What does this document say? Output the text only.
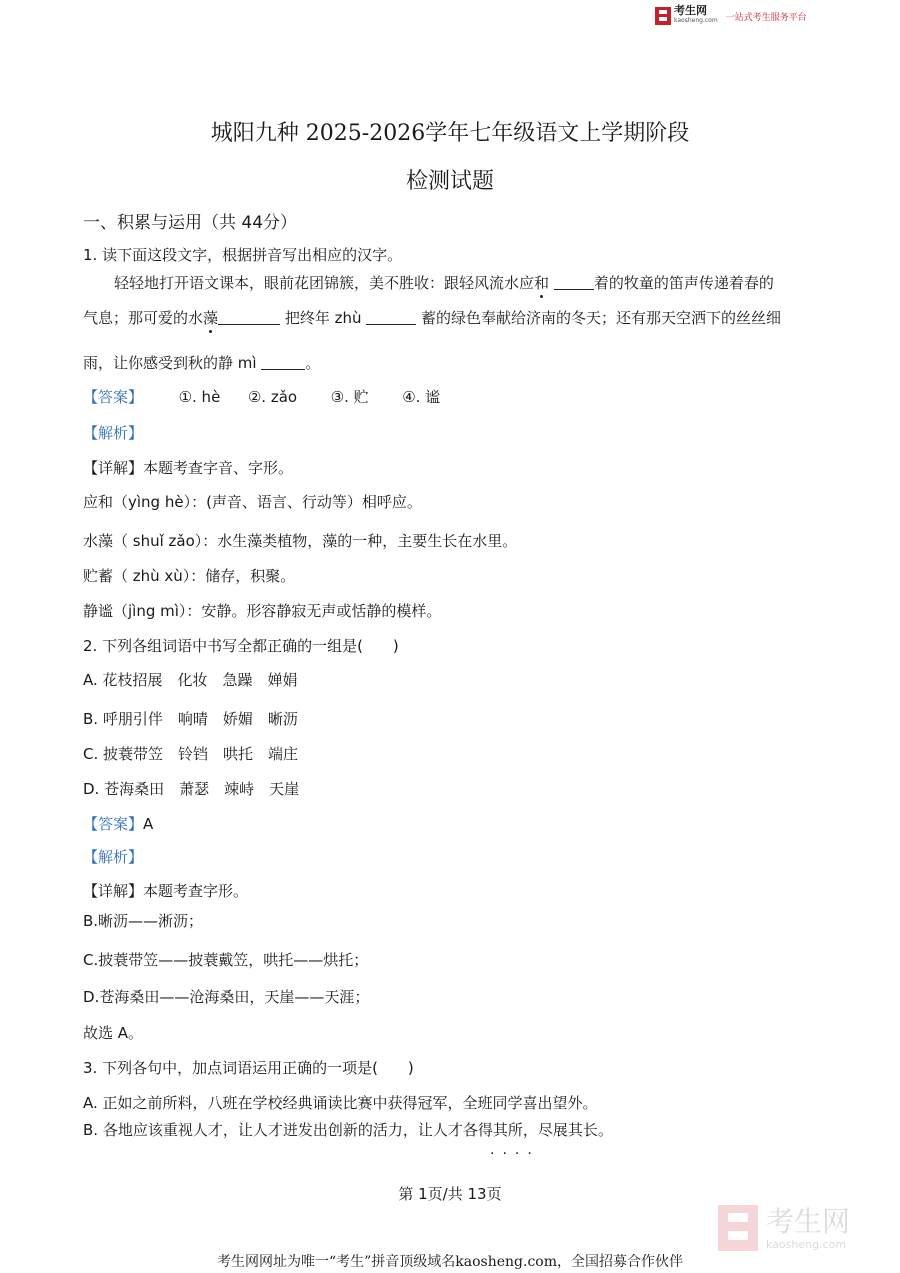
考生网
kaosheng.com 一站式考生服务平台
城阳九种 2025-2026学年七年级语文上学期阶段
检测试题
一、积累与运用（共 44分）
1. 读下面这段文字，根据拼音写出相应的汉字。
轻轻地打开语文课本，眼前花团锦簇，美不胜收：跟轻风流水应和	着的牧童的笛声传递着春的
气息；那可爱的水藻	把终年 zhù	蓄的绿色奉献给济南的冬天；还有那天空洒下的丝丝细
雨，让你感受到秋的静 mì	。
【答案】 ①. hè ②. zǎo ③. 贮 ④. 谧
【解析】
【详解】本题考查字音、字形。
应和（yìng hè）：(声音、语言、行动等）相呼应。
水藻（ shuǐ zǎo）：水生藻类植物，藻的一种，主要生长在水里。
贮蓄（ zhù xù）：储存，积聚。
静谧（jìng mì）：安静。形容静寂无声或恬静的模样。
2. 下列各组词语中书写全都正确的一组是(　　)
A. 花枝招展　化妆　急躁　婵娟
B. 呼朋引伴　响晴　娇媚　晰沥
C. 披蓑带笠　铃铛　哄托　端庄
D. 苍海桑田　萧瑟　竦峙　天崖
【答案】A
【解析】
【详解】本题考查字形。
B.晰沥——淅沥；
C.披蓑带笠——披蓑戴笠，哄托——烘托；
D.苍海桑田——沧海桑田，天崖——天涯；
故选 A。
3. 下列各句中，加点词语运用正确的一项是(　　)
A. 正如之前所料，八班在学校经典诵读比赛中获得冠军，全班同学喜出望外。
B. 各地应该重视人才，让人才迸发出创新的活力，让人才各得其所，尽展其长。
····
第 1页/共 13页
考生网
kaosheng.com
考生网网址为唯一“考生”拼音顶级域名kaosheng.com，全国招募合作伙伴
